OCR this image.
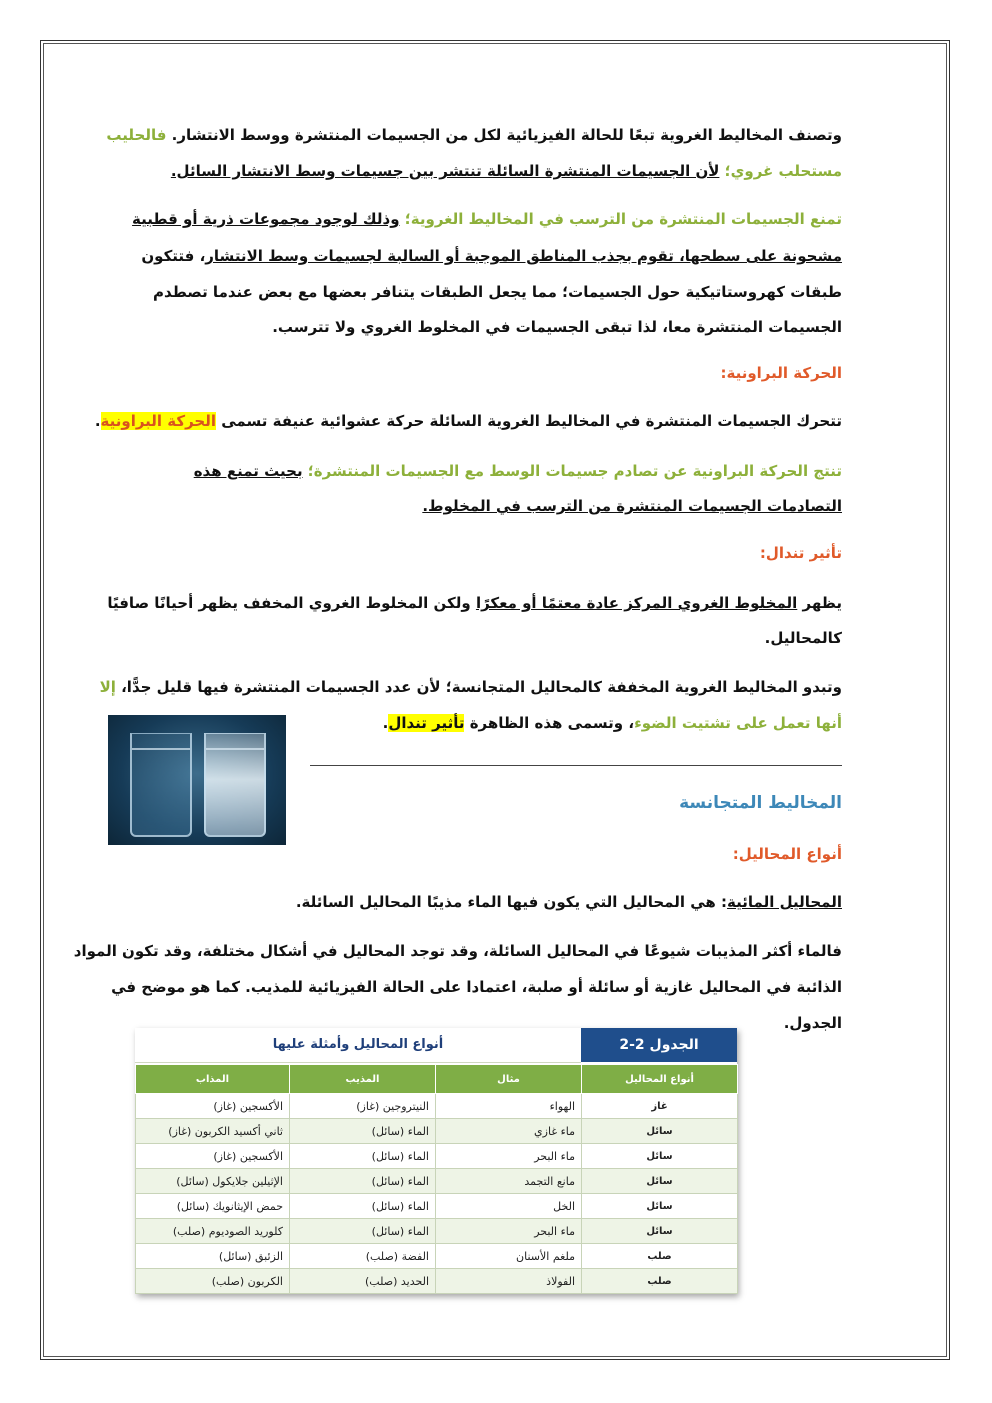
وتصنف المخاليط الغروية تبعًا للحالة الفيزيائية لكل من الجسيمات المنتشرة ووسط الانتشار. فالحليب
مستحلب غروي؛ لأن الجسيمات المنتشرة السائلة تنتشر بين جسيمات وسط الانتشار السائل.
تمنع الجسيمات المنتشرة من الترسب في المخاليط الغروية؛ وذلك لوجود مجموعات ذرية أو قطبية
مشحونة على سطحها، تقوم بجذب المناطق الموجبة أو السالبة لجسيمات وسط الانتشار، فتتكون
طبقات كهروستاتيكية حول الجسيمات؛ مما يجعل الطبقات يتنافر بعضها مع بعض عندما تصطدم
الجسيمات المنتشرة معا، لذا تبقى الجسيمات في المخلوط الغروي ولا تترسب.
الحركة البراونية:
تتحرك الجسيمات المنتشرة في المخاليط الغروية السائلة حركة عشوائية عنيفة تسمى الحركة البراونية.
تنتج الحركة البراونية عن تصادم جسيمات الوسط مع الجسيمات المنتشرة؛ بحيث تمنع هذه
التصادمات الجسيمات المنتشرة من الترسب في المخلوط.
تأثير تندال:
يظهر المخلوط الغروي المركز عادة معتمًا أو معكرًا ولكن المخلوط الغروي المخفف يظهر أحيانًا صافيًا
كالمحاليل.
وتبدو المخاليط الغروية المخففة كالمحاليل المتجانسة؛ لأن عدد الجسيمات المنتشرة فيها قليل جدًّا، إلا
أنها تعمل على تشتيت الضوء، وتسمى هذه الظاهرة تأثير تندال.
المخاليط المتجانسة
أنواع المحاليل:
المحاليل المائية: هي المحاليل التي يكون فيها الماء مذيبًا المحاليل السائلة.
فالماء أكثر المذيبات شيوعًا في المحاليل السائلة، وقد توجد المحاليل في أشكال مختلفة، وقد تكون المواد
الذائبة في المحاليل غازية أو سائلة أو صلبة، اعتمادا على الحالة الفيزيائية للمذيب. كما هو موضح في
الجدول.
الجدول 2-2
أنواع المحاليل وأمثلة عليها
أنواع المحاليل	مثال	المذيب	المذاب
غاز	الهواء	النيتروجين (غاز)	الأكسجين (غاز)
سائل	ماء غازي	الماء (سائل)	ثاني أكسيد الكربون (غاز)
سائل	ماء البحر	الماء (سائل)	الأكسجين (غاز)
سائل	مانع التجمد	الماء (سائل)	الإثيلين جلايكول (سائل)
سائل	الخل	الماء (سائل)	حمض الإيثانويك (سائل)
سائل	ماء البحر	الماء (سائل)	كلوريد الصوديوم (صلب)
صلب	ملغم الأسنان	الفضة (صلب)	الزئبق (سائل)
صلب	الفولاذ	الحديد (صلب)	الكربون (صلب)
